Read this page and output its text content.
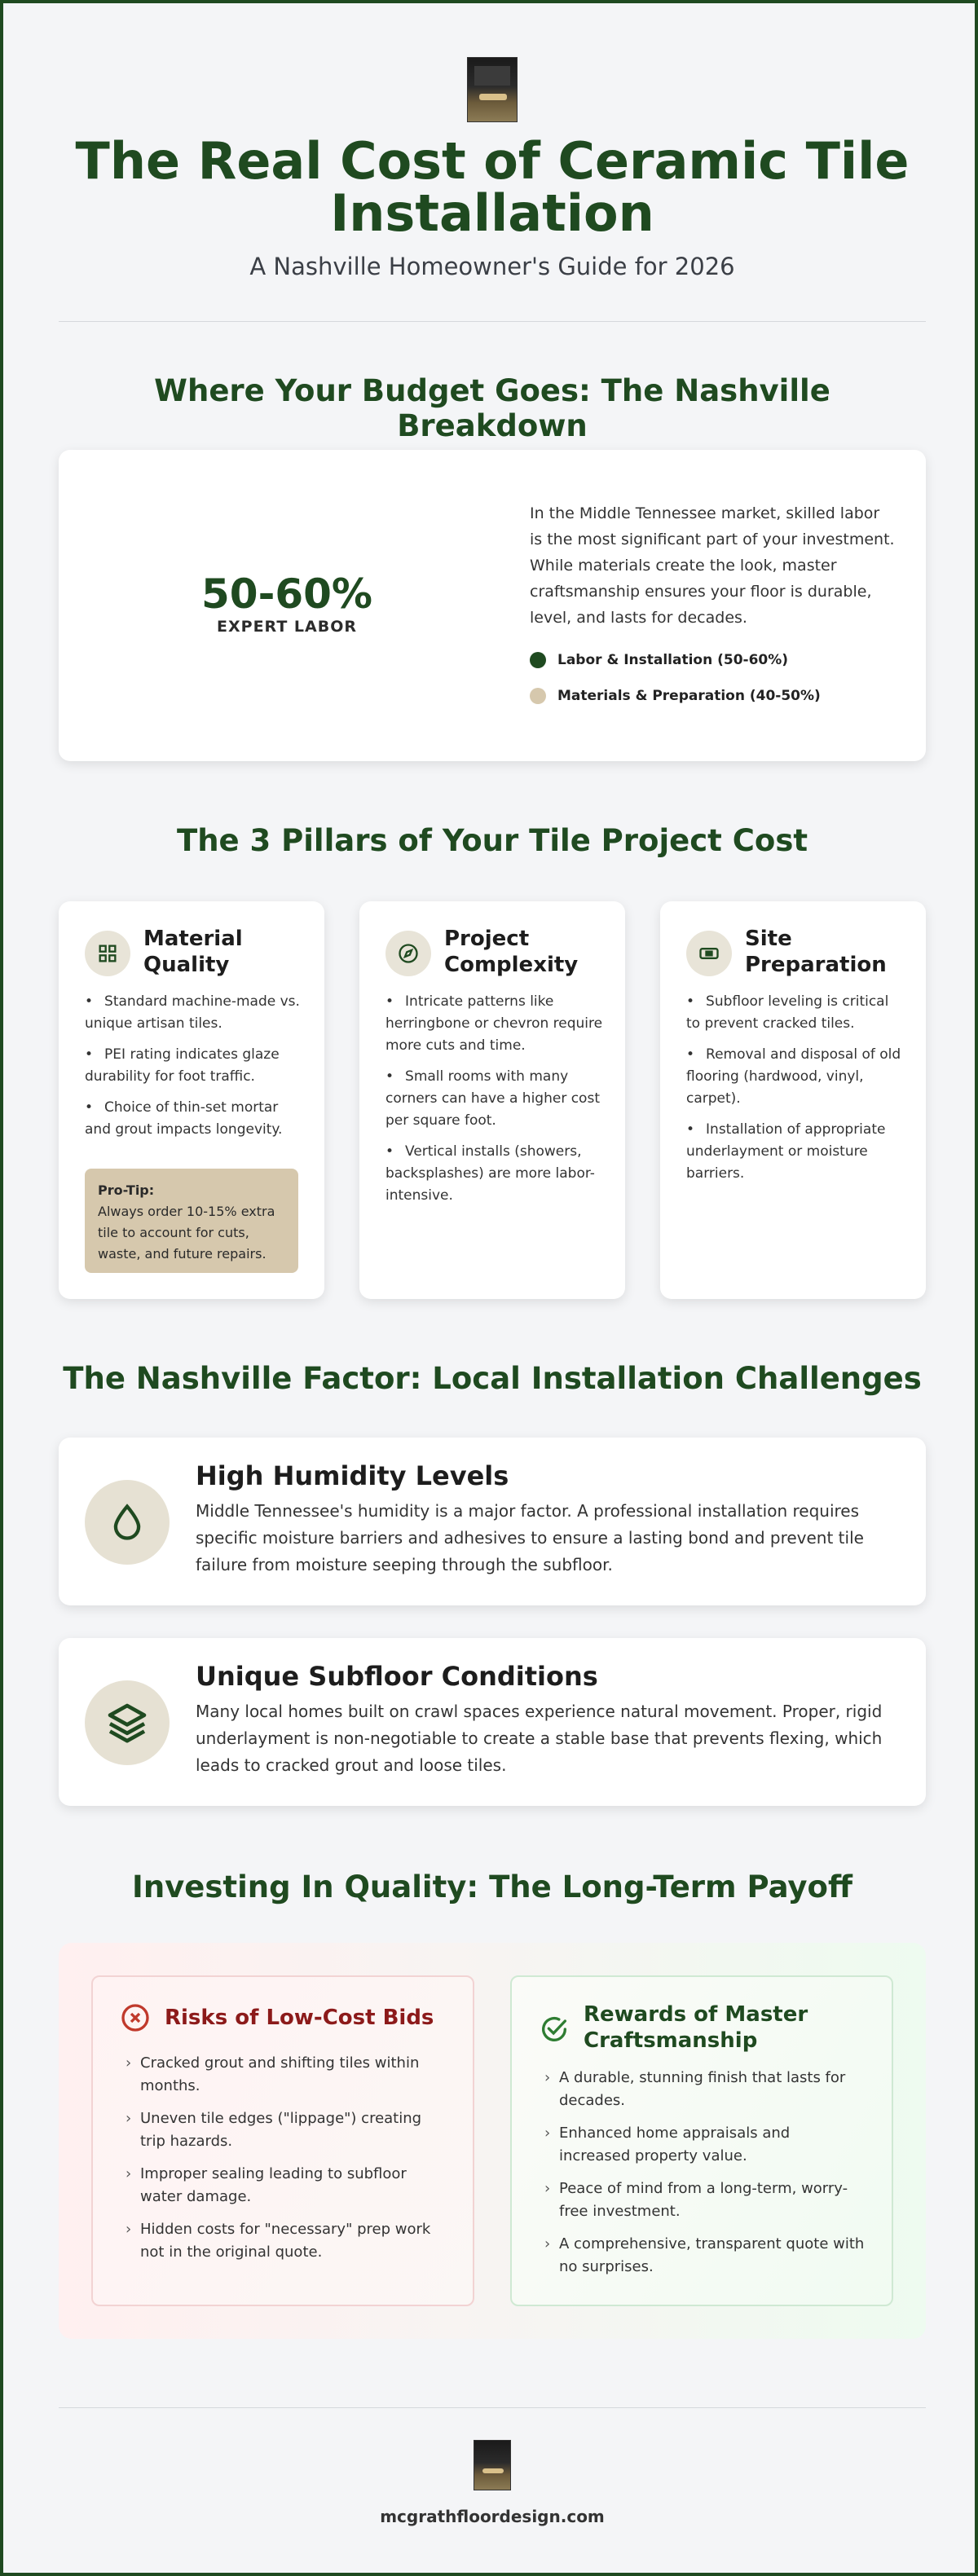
The Real Cost of Ceramic Tile Installation
A Nashville Homeowner's Guide for 2026
Where Your Budget Goes: The Nashville Breakdown
50-60%
EXPERT LABOR

In the Middle Tennessee market, skilled labor is the most significant part of your investment. While materials create the look, master craftsmanship ensures your floor is durable, level, and lasts for decades.

Labor & Installation (50-60%)
Materials & Preparation (40-50%)
The 3 Pillars of Your Tile Project Cost
Material Quality
• Standard machine-made vs. unique artisan tiles.
• PEI rating indicates glaze durability for foot traffic.
• Choice of thin-set mortar and grout impacts longevity.
Pro-Tip:
Always order 10-15% extra tile to account for cuts, waste, and future repairs.
Project Complexity
• Intricate patterns like herringbone or chevron require more cuts and time.
• Small rooms with many corners can have a higher cost per square foot.
• Vertical installs (showers, backsplashes) are more labor-intensive.
Site Preparation
• Subfloor leveling is critical to prevent cracked tiles.
• Removal and disposal of old flooring (hardwood, vinyl, carpet).
• Installation of appropriate underlayment or moisture barriers.
The Nashville Factor: Local Installation Challenges
High Humidity Levels

Middle Tennessee's humidity is a major factor. A professional installation requires specific moisture barriers and adhesives to ensure a lasting bond and prevent tile failure from moisture seeping through the subfloor.

Unique Subfloor Conditions

Many local homes built on crawl spaces experience natural movement. Proper, rigid underlayment is non-negotiable to create a stable base that prevents flexing, which leads to cracked grout and loose tiles.

Investing In Quality: The Long-Term Payoff
Risks of Low-Cost Bids
› Cracked grout and shifting tiles within months.
› Uneven tile edges ("lippage") creating trip hazards.
› Improper sealing leading to subfloor water damage.
› Hidden costs for "necessary" prep work not in the original quote.
Rewards of Master Craftsmanship
› A durable, stunning finish that lasts for decades.
› Enhanced home appraisals and increased property value.
› Peace of mind from a long-term, worry-free investment.
› A comprehensive, transparent quote with no surprises.
mcgrathfloordesign.com
